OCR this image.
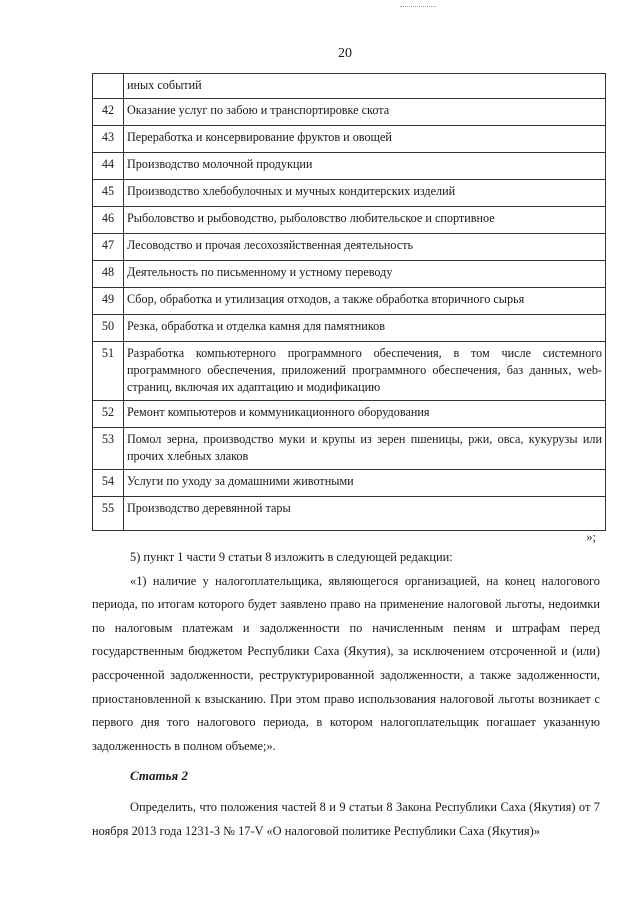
20
	иных событий
42	Оказание услуг по забою и транспортировке скота
43	Переработка и консервирование фруктов и овощей
44	Производство молочной продукции
45	Производство хлебобулочных и мучных кондитерских изделий
46	Рыболовство и рыбоводство, рыболовство любительское и спортивное
47	Лесоводство и прочая лесохозяйственная деятельность
48	Деятельность по письменному и устному переводу
49	Сбор, обработка и утилизация отходов, а также обработка вторичного сырья
50	Резка, обработка и отделка камня для памятников
51	Разработка компьютерного программного обеспечения, в том числе системного программного обеспечения, приложений программного обеспечения, баз данных, web-страниц, включая их адаптацию и модификацию
52	Ремонт компьютеров и коммуникационного оборудования
53	Помол зерна, производство муки и крупы из зерен пшеницы, ржи, овса, кукурузы или прочих хлебных злаков
54	Услуги по уходу за домашними животными
55	Производство деревянной тары
»;

5) пункт 1 части 9 статьи 8 изложить в следующей редакции:

«1) наличие у налогоплательщика, являющегося организацией, на конец налогового периода, по итогам которого будет заявлено право на применение налоговой льготы, недоимки по налоговым платежам и задолженности по начисленным пеням и штрафам перед государственным бюджетом Республики Саха (Якутия), за исключением отсроченной и (или) рассроченной задолженности, реструктурированной задолженности, а также задолженности, приостановленной к взысканию. При этом право использования налоговой льготы возникает с первого дня того налогового периода, в котором налогоплательщик погашает указанную задолженность в полном объеме;».

Статья 2

Определить, что положения частей 8 и 9 статьи 8 Закона Республики Саха (Якутия) от 7 ноября 2013 года 1231-З № 17-V «О налоговой политике Республики Саха (Якутия)»
